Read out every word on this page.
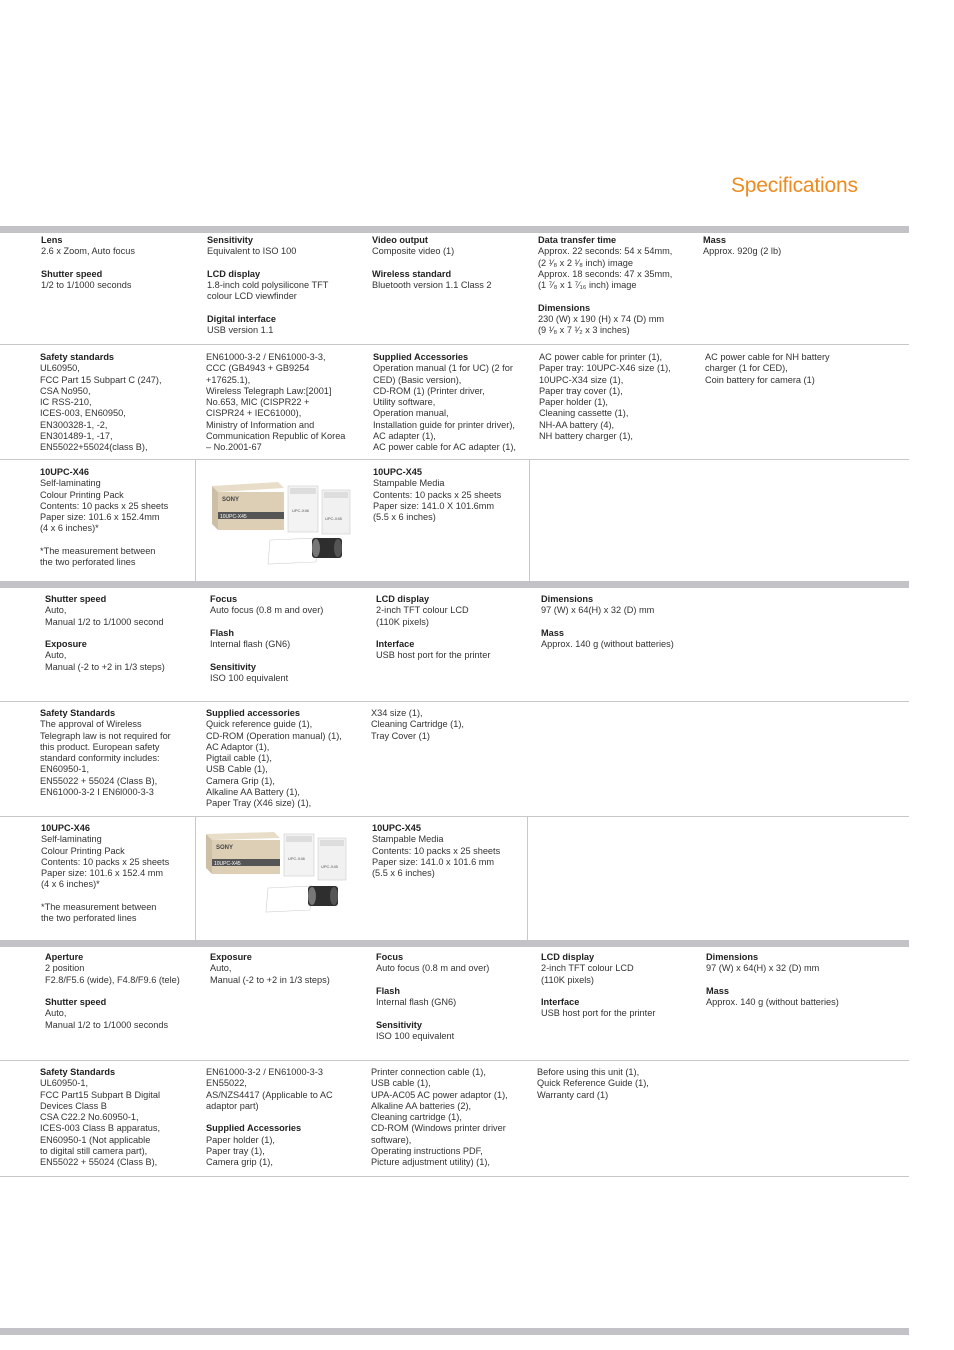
Specifications
Lens
2.6 x Zoom, Auto focus
Shutter speed
1/2 to 1/1000 seconds
Sensitivity
Equivalent to ISO 100
LCD display
1.8-inch cold polysilicone TFT
colour LCD viewfinder
Digital interface
USB version 1.1
Video output
Composite video (1)
Wireless standard
Bluetooth version 1.1 Class 2
Data transfer time
Approx. 22 seconds: 54 x 54mm,
(2 ¹⁄₈ x 2 ¹⁄₈ inch) image
Approx. 18 seconds: 47 x 35mm,
(1 ⁷⁄₈ x 1 ⁷⁄₁₆ inch) image
Dimensions
230 (W) x 190 (H) x 74 (D) mm
(9 ¹⁄₈ x 7 ¹⁄₂ x 3 inches)
Mass
Approx. 920g (2 lb)
Safety standards
UL60950,
FCC Part 15 Subpart C (247),
CSA No950,
IC RSS-210,
ICES-003, EN60950,
EN300328-1, -2,
EN301489-1, -17,
EN55022+55024(class B),
EN61000-3-2 / EN61000-3-3,
CCC (GB4943 + GB9254
+17625.1),
Wireless Telegraph Law:[2001]
No.653, MIC (CISPR22 +
CISPR24 + IEC61000),
Ministry of Information and
Communication Republic of Korea
– No.2001-67
Supplied Accessories
Operation manual (1 for UC) (2 for
CED) (Basic version),
CD-ROM (1) (Printer driver,
Utility software,
Operation manual,
Installation guide for printer driver),
AC adapter (1),
AC power cable for AC adapter (1),
AC power cable for printer (1),
Paper tray: 10UPC-X46 size (1),
10UPC-X34 size (1),
Paper tray cover (1),
Paper holder (1),
Cleaning cassette (1),
NH-AA battery (4),
NH battery charger (1),
AC power cable for NH battery
charger (1 for CED),
Coin battery for camera (1)
10UPC-X46
Self-laminating
Colour Printing Pack
Contents: 10 packs x 25 sheets
Paper size: 101.6 x 152.4mm
(4 x 6 inches)*

*The measurement between
the two perforated lines
10UPC-X45
Stampable Media
Contents: 10 packs x 25 sheets
Paper size: 141.0 X 101.6mm
(5.5 x 6 inches)
SONY
10UPC-X45
UPC-X46
UPC-X45
Shutter speed
Auto,
Manual 1/2 to 1/1000 second
Exposure
Auto,
Manual (-2 to +2 in 1/3 steps)
Focus
Auto focus (0.8 m and over)
Flash
Internal flash (GN6)
Sensitivity
ISO 100 equivalent
LCD display
2-inch TFT colour LCD
(110K pixels)
Interface
USB host port for the printer
Dimensions
97 (W) x 64(H) x 32 (D) mm
Mass
Approx. 140 g (without batteries)
Safety Standards
The approval of Wireless
Telegraph law is not required for
this product. European safety
standard conformity includes:
EN60950-1,
EN55022 + 55024 (Class B),
EN61000-3-2 I EN6l000-3-3
Supplied accessories
Quick reference guide (1),
CD-ROM (Operation manual) (1),
AC Adaptor (1),
Pigtail cable (1),
USB Cable (1),
Camera Grip (1),
Alkaline AA Battery (1),
Paper Tray (X46 size) (1),
X34 size (1),
Cleaning Cartridge (1),
Tray Cover (1)
10UPC-X46
Self-laminating
Colour Printing Pack
Contents: 10 packs x 25 sheets
Paper size: 101.6 x 152.4 mm
(4 x 6 inches)*

*The measurement between
the two perforated lines
10UPC-X45
Stampable Media
Contents: 10 packs x 25 sheets
Paper size: 141.0 x 101.6 mm
(5.5 x 6 inches)
SONY
10UPC-X45
UPC-X46
UPC-X45
Aperture
2 position
F2.8/F5.6 (wide), F4.8/F9.6 (tele)
Shutter speed
Auto,
Manual 1/2 to 1/1000 seconds
Exposure
Auto,
Manual (-2 to +2 in 1/3 steps)
Focus
Auto focus (0.8 m and over)
Flash
Internal flash (GN6)
Sensitivity
ISO 100 equivalent
LCD display
2-inch TFT colour LCD
(110K pixels)
Interface
USB host port for the printer
Dimensions
97 (W) x 64(H) x 32 (D) mm
Mass
Approx. 140 g (without batteries)
Safety Standards
UL60950-1,
FCC Part15 Subpart B Digital
Devices Class B
CSA C22.2 No.60950-1,
ICES-003 Class B apparatus,
EN60950-1 (Not applicable
to digital still camera part),
EN55022 + 55024 (Class B),
EN61000-3-2 / EN61000-3-3
EN55022,
AS/NZS4417 (Applicable to AC
adaptor part)
Supplied Accessories
Paper holder (1),
Paper tray (1),
Camera grip (1),
Printer connection cable (1),
USB cable (1),
UPA-AC05 AC power adaptor (1),
Alkaline AA batteries (2),
Cleaning cartridge (1),
CD-ROM (Windows printer driver
software),
Operating instructions PDF,
Picture adjustment utility) (1),
Before using this unit (1),
Quick Reference Guide (1),
Warranty card (1)
